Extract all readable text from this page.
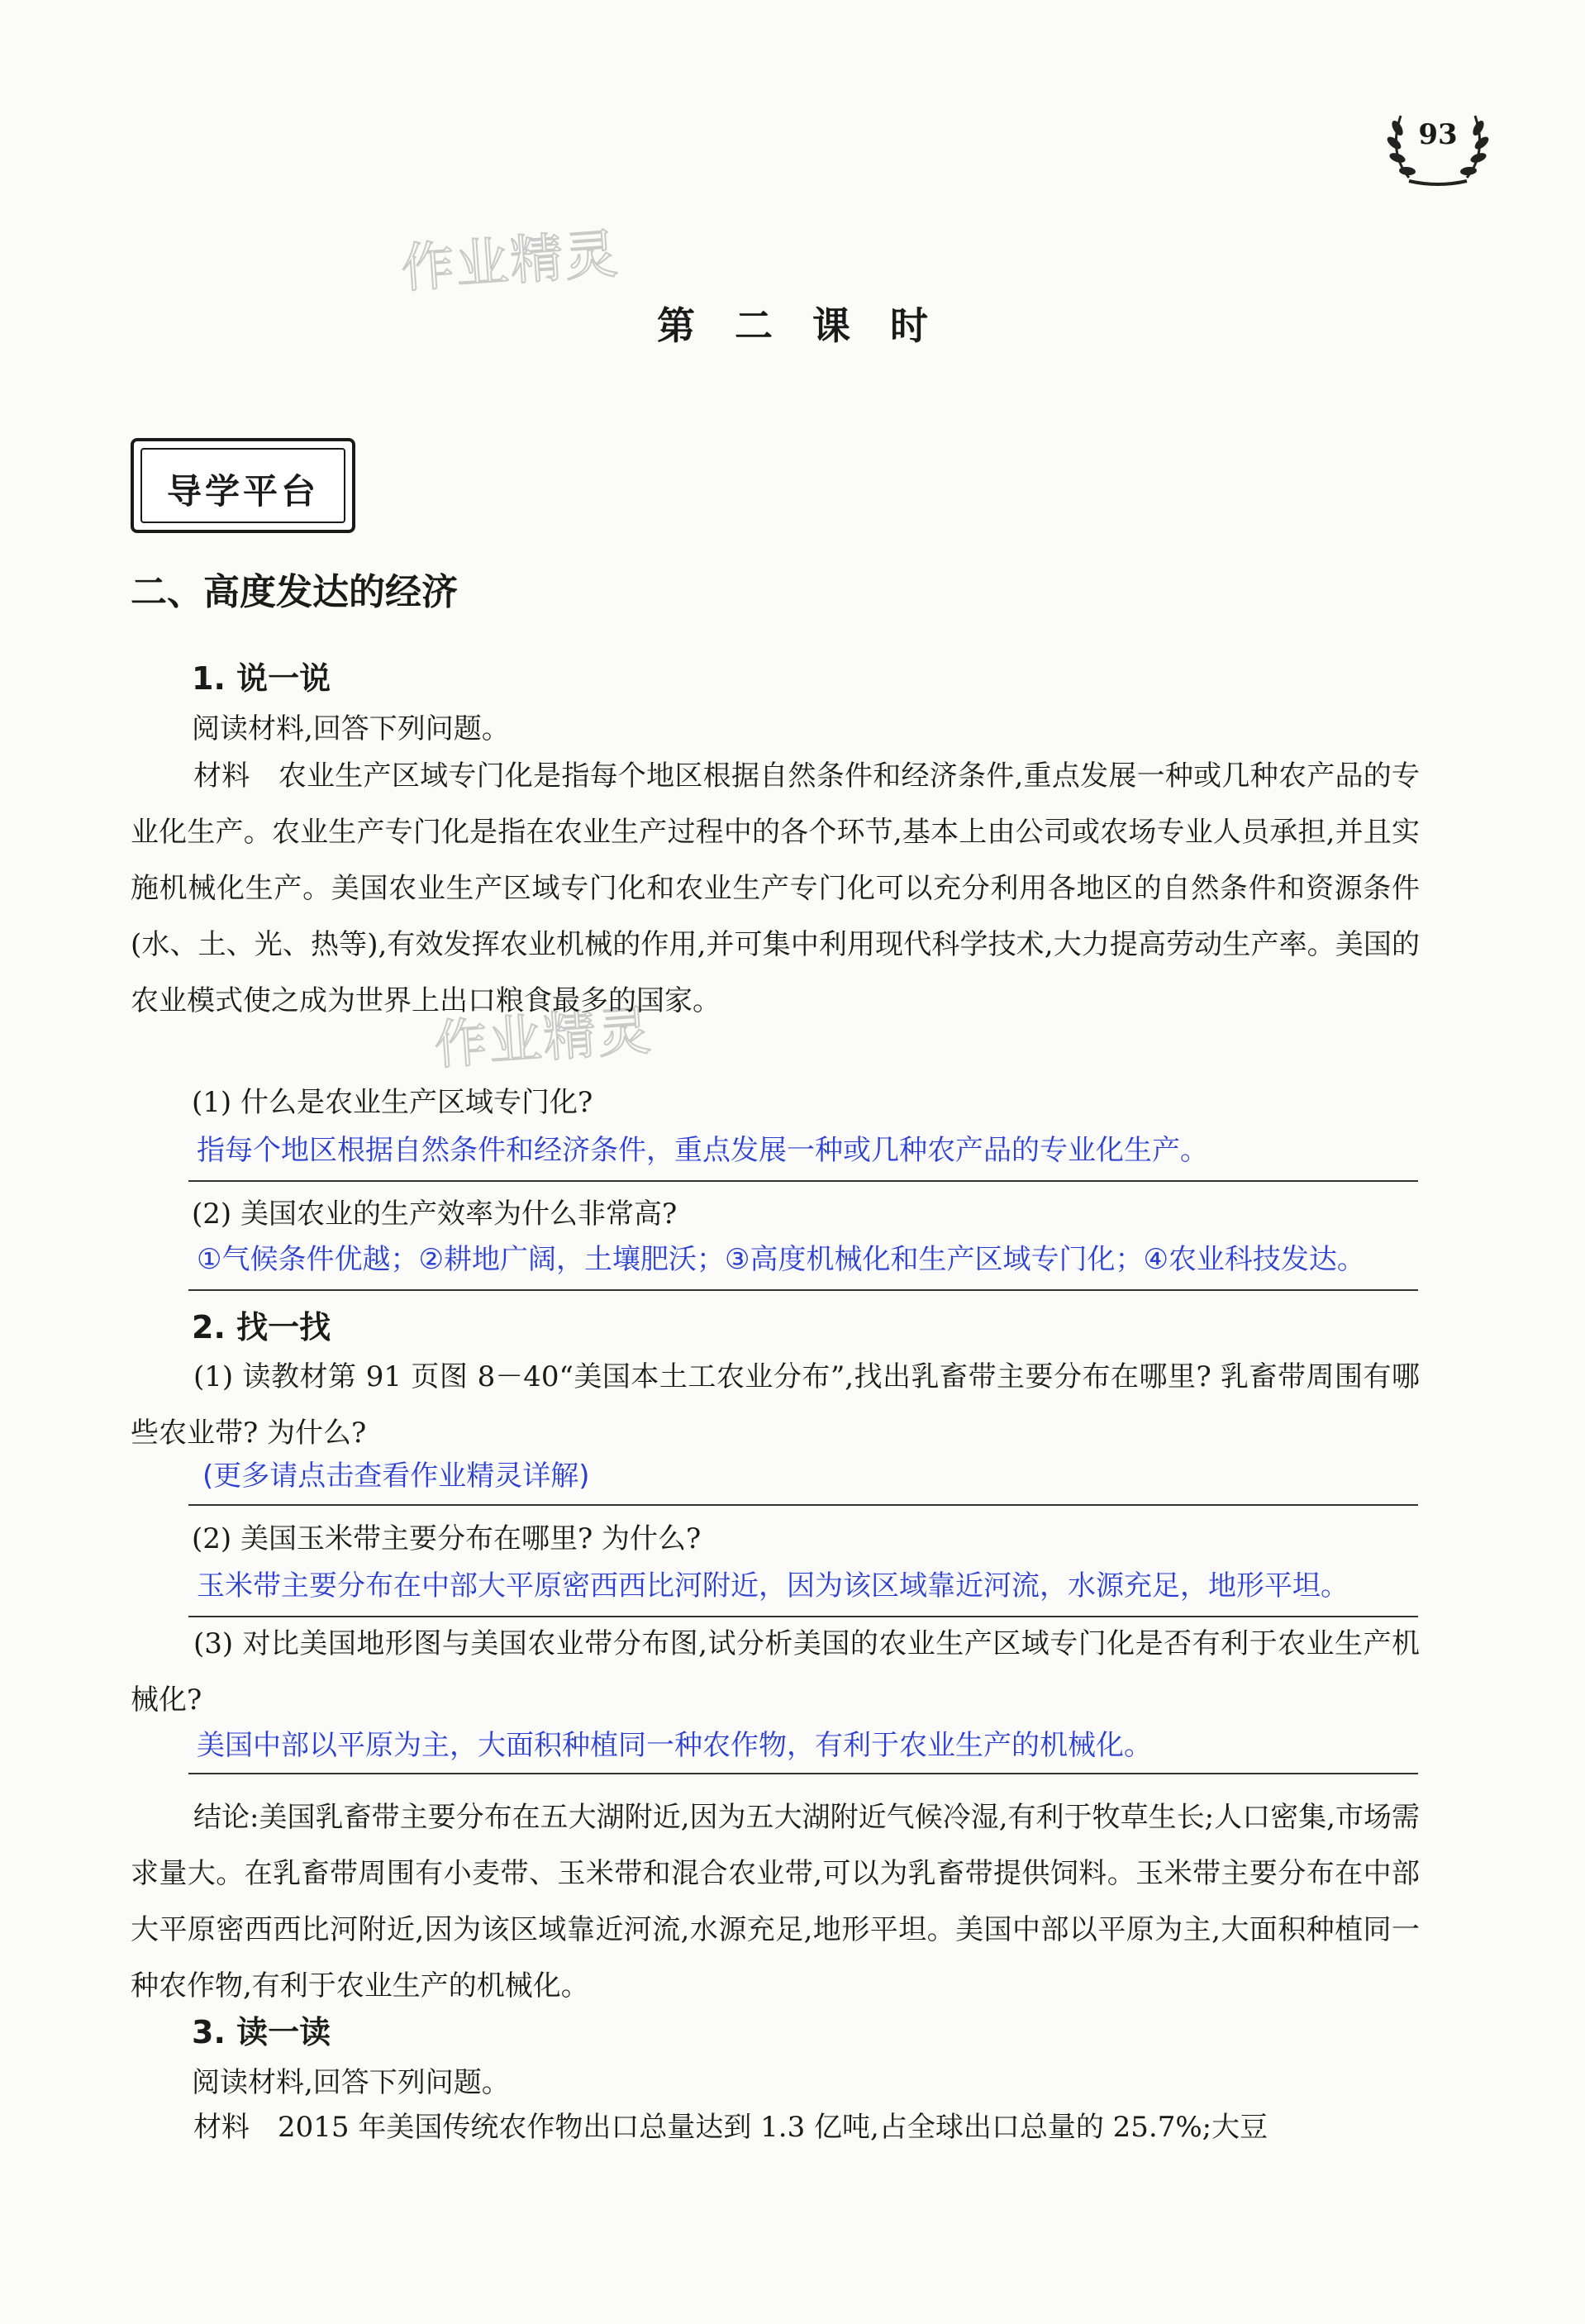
93
作业精灵
作业精灵
第二课时
导学平台
二、高度发达的经济
1. 说一说
阅读材料,回答下列问题。
材料　农业生产区域专门化是指每个地区根据自然条件和经济条件,重点发展一种或几种农产品的专业化生产。农业生产专门化是指在农业生产过程中的各个环节,基本上由公司或农场专业人员承担,并且实施机械化生产。美国农业生产区域专门化和农业生产专门化可以充分利用各地区的自然条件和资源条件(水、土、光、热等),有效发挥农业机械的作用,并可集中利用现代科学技术,大力提高劳动生产率。美国的农业模式使之成为世界上出口粮食最多的国家。
(1) 什么是农业生产区域专门化?
指每个地区根据自然条件和经济条件，重点发展一种或几种农产品的专业化生产。
(2) 美国农业的生产效率为什么非常高?
①气候条件优越；②耕地广阔，土壤肥沃；③高度机械化和生产区域专门化；④农业科技发达。
2. 找一找
(1) 读教材第 91 页图 8－40“美国本土工农业分布”,找出乳畜带主要分布在哪里? 乳畜带周围有哪些农业带? 为什么?
(更多请点击查看作业精灵详解)
(2) 美国玉米带主要分布在哪里? 为什么?
玉米带主要分布在中部大平原密西西比河附近，因为该区域靠近河流，水源充足，地形平坦。
(3) 对比美国地形图与美国农业带分布图,试分析美国的农业生产区域专门化是否有利于农业生产机械化?
美国中部以平原为主，大面积种植同一种农作物，有利于农业生产的机械化。
结论:美国乳畜带主要分布在五大湖附近,因为五大湖附近气候冷湿,有利于牧草生长;人口密集,市场需求量大。在乳畜带周围有小麦带、玉米带和混合农业带,可以为乳畜带提供饲料。玉米带主要分布在中部大平原密西西比河附近,因为该区域靠近河流,水源充足,地形平坦。美国中部以平原为主,大面积种植同一种农作物,有利于农业生产的机械化。
3. 读一读
阅读材料,回答下列问题。
材料　2015 年美国传统农作物出口总量达到 1.3 亿吨,占全球出口总量的 25.7%;大豆
